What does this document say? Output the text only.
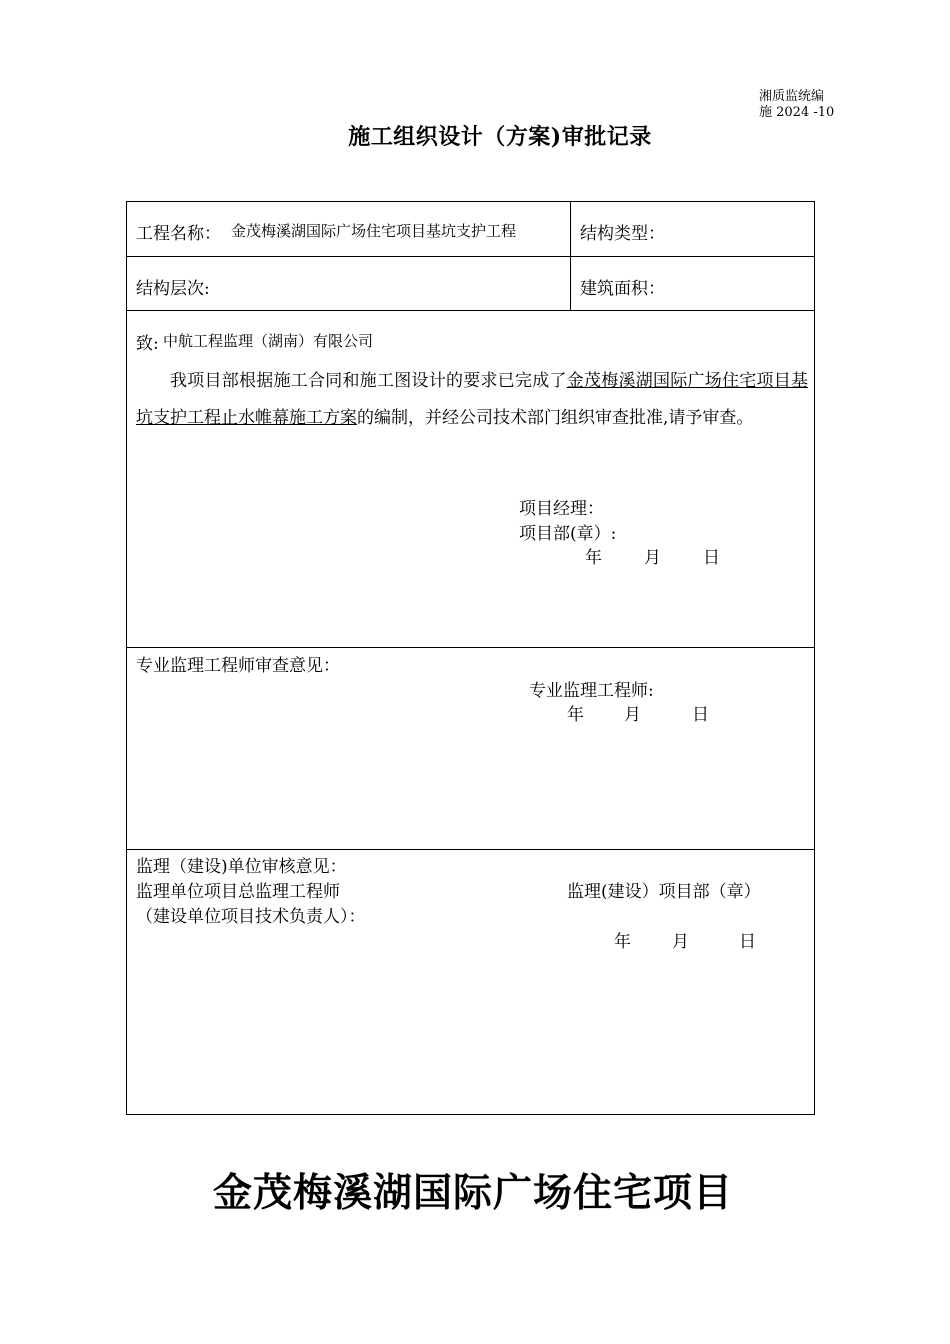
湘质监统编
施 2024 -10
施工组织设计（方案)审批记录
工程名称： 金茂梅溪湖国际广场住宅项目基坑支护工程	结构类型：
结构层次:	建筑面积：
致: 中航工程监理（湖南）有限公司
我项目部根据施工合同和施工图设计的要求已完成了金茂梅溪湖国际广场住宅项目基坑支护工程止水帷幕施工方案的编制，并经公司技术部门组织审查批准,请予审查。
项目经理：
项目部(章）:
年 月 日
专业监理工程师审查意见：
专业监理工程师:
年 月	日
监理（建设)单位审核意见：
监理单位项目总监理工程师	监理(建设）项目部（章）
（建设单位项目技术负责人）：
年 月	日
金茂梅溪湖国际广场住宅项目
